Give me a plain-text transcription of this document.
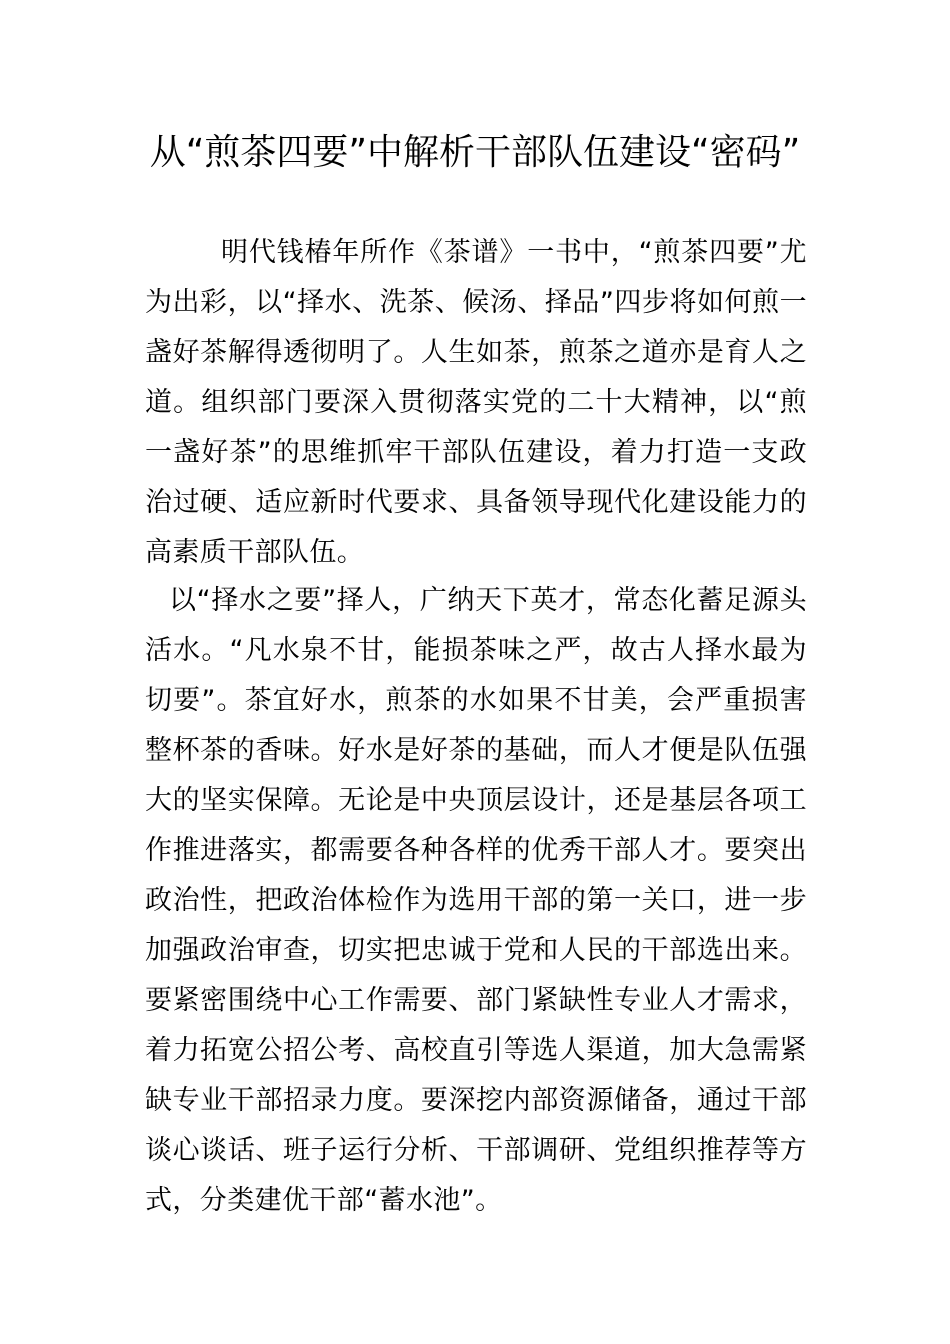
从“煎茶四要”中解析干部队伍建设“密码”

明代钱椿年所作《茶谱》一书中，“煎茶四要”尤为出彩，以“择水、洗茶、候汤、择品”四步将如何煎一盏好茶解得透彻明了。人生如茶，煎茶之道亦是育人之道。组织部门要深入贯彻落实党的二十大精神，以“煎一盏好茶”的思维抓牢干部队伍建设，着力打造一支政治过硬、适应新时代要求、具备领导现代化建设能力的高素质干部队伍。

以“择水之要”择人，广纳天下英才，常态化蓄足源头活水。“凡水泉不甘，能损茶味之严，故古人择水最为切要”。茶宜好水，煎茶的水如果不甘美，会严重损害整杯茶的香味。好水是好茶的基础，而人才便是队伍强大的坚实保障。无论是中央顶层设计，还是基层各项工作推进落实，都需要各种各样的优秀干部人才。要突出政治性，把政治体检作为选用干部的第一关口，进一步加强政治审查，切实把忠诚于党和人民的干部选出来。要紧密围绕中心工作需要、部门紧缺性专业人才需求，着力拓宽公招公考、高校直引等选人渠道，加大急需紧缺专业干部招录力度。要深挖内部资源储备，通过干部谈心谈话、班子运行分析、干部调研、党组织推荐等方式，分类建优干部“蓄水池”。
